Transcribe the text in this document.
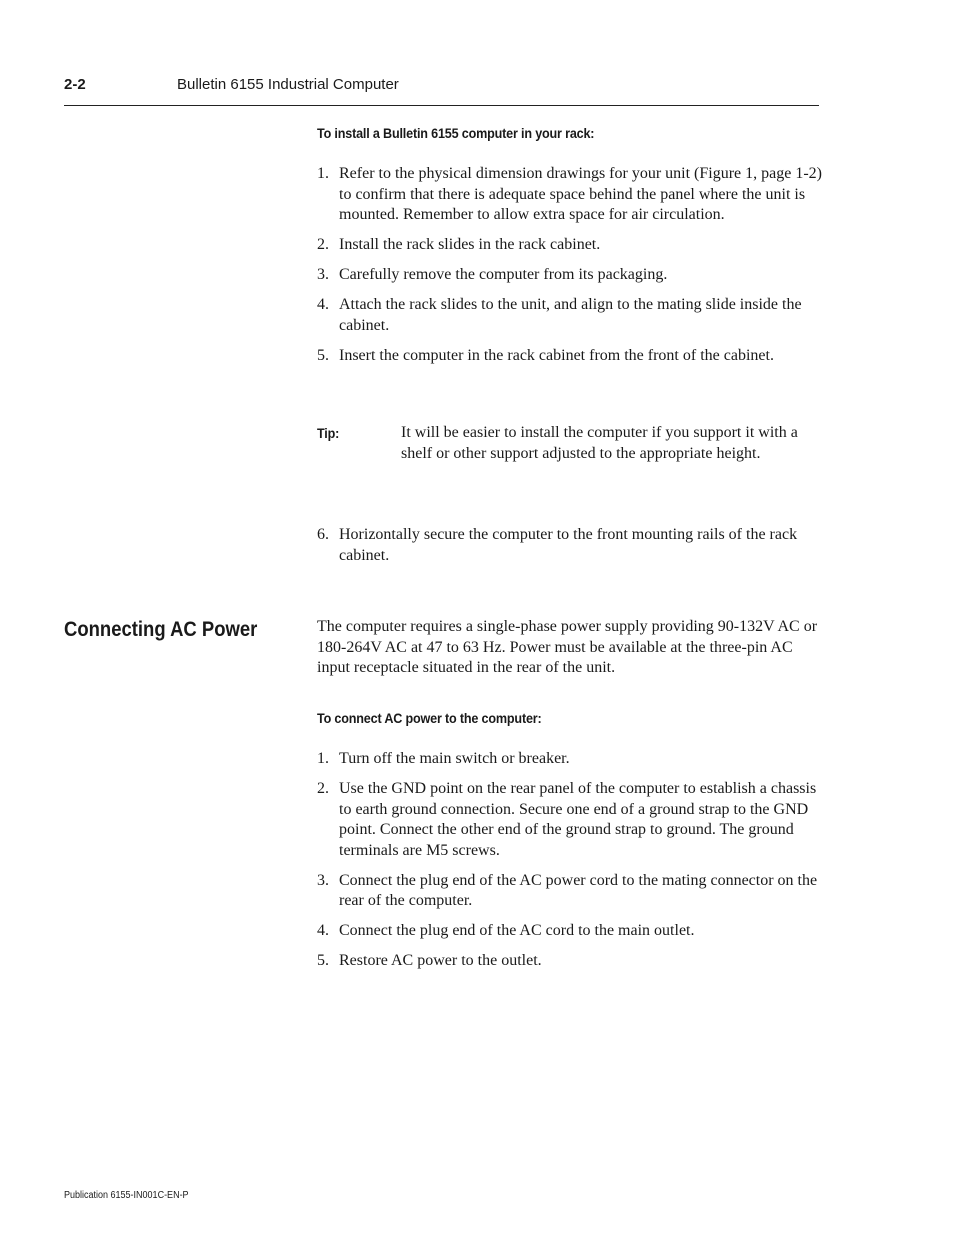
2-2	Bulletin 6155 Industrial Computer
To install a Bulletin 6155 computer in your rack:
1. Refer to the physical dimension drawings for your unit (Figure 1, page 1-2) to confirm that there is adequate space behind the panel where the unit is mounted. Remember to allow extra space for air circulation.
2. Install the rack slides in the rack cabinet.
3. Carefully remove the computer from its packaging.
4. Attach the rack slides to the unit, and align to the mating slide inside the cabinet.
5. Insert the computer in the rack cabinet from the front of the cabinet.
Tip:	It will be easier to install the computer if you support it with a shelf or other support adjusted to the appropriate height.
6. Horizontally secure the computer to the front mounting rails of the rack cabinet.
Connecting AC Power	The computer requires a single-phase power supply providing 90-132V AC or 180-264V AC at 47 to 63 Hz. Power must be available at the three-pin AC input receptacle situated in the rear of the unit.
To connect AC power to the computer:
1. Turn off the main switch or breaker.
2. Use the GND point on the rear panel of the computer to establish a chassis to earth ground connection. Secure one end of a ground strap to the GND point. Connect the other end of the ground strap to ground. The ground terminals are M5 screws.
3. Connect the plug end of the AC power cord to the mating connector on the rear of the computer.
4. Connect the plug end of the AC cord to the main outlet.
5. Restore AC power to the outlet.
Publication 6155-IN001C-EN-P
